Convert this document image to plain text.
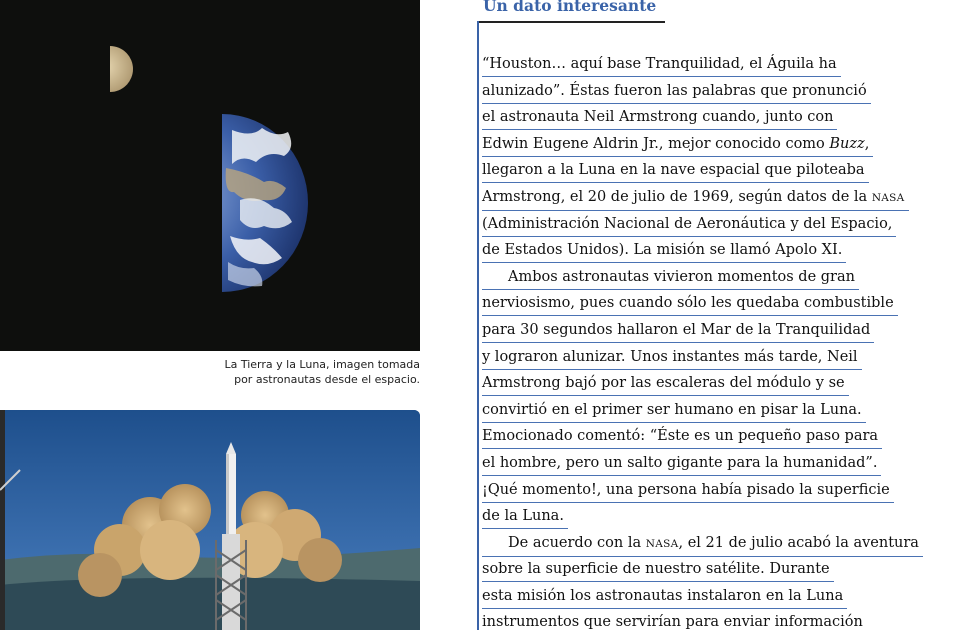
La Tierra y la Luna, imagen tomada
por astronautas desde el espacio.
Un dato interesante
“Houston… aquí base Tranquilidad, el Águila ha
alunizado”. Éstas fueron las palabras que pronunció
el astronauta Neil Armstrong cuando, junto con
Edwin Eugene Aldrin Jr., mejor conocido como Buzz,
llegaron a la Luna en la nave espacial que piloteaba
Armstrong, el 20 de julio de 1969, según datos de la NASA
(Administración Nacional de Aeronáutica y del Espacio,
de Estados Unidos). La misión se llamó Apolo XI.
Ambos astronautas vivieron momentos de gran
nerviosismo, pues cuando sólo les quedaba combustible
para 30 segundos hallaron el Mar de la Tranquilidad
y lograron alunizar. Unos instantes más tarde, Neil
Armstrong bajó por las escaleras del módulo y se
convirtió en el primer ser humano en pisar la Luna.
Emocionado comentó: “Éste es un pequeño paso para
el hombre, pero un salto gigante para la humanidad”.
¡Qué momento!, una persona había pisado la superficie
de la Luna.
De acuerdo con la NASA, el 21 de julio acabó la aventura
sobre la superficie de nuestro satélite. Durante
esta misión los astronautas instalaron en la Luna
instrumentos que servirían para enviar información
